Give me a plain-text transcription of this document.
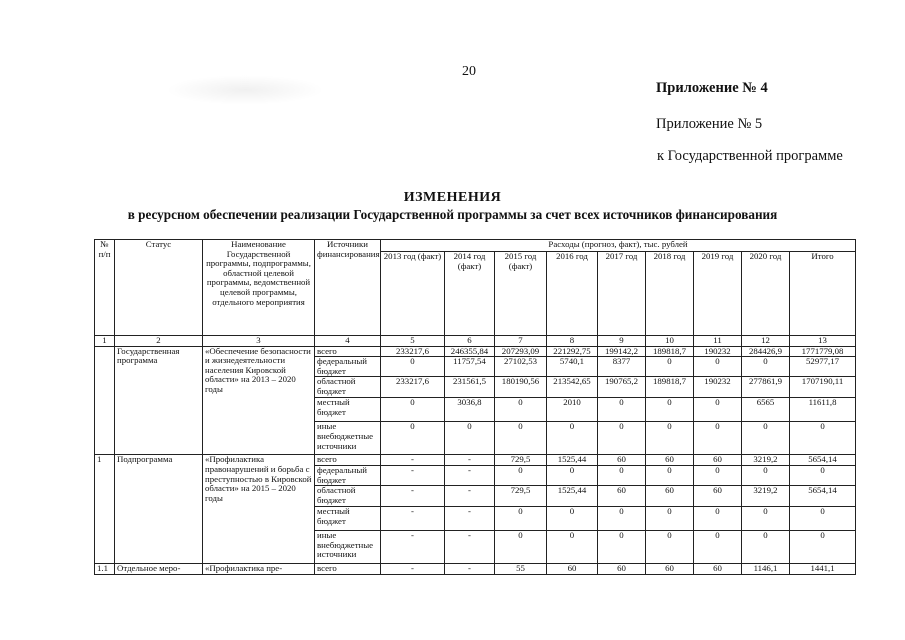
20
Приложение № 4
Приложение № 5
к Государственной программе
ИЗМЕНЕНИЯ
в ресурсном обеспечении реализации Государственной программы за счет всех источников финансирования
№ п/п	Статус	Наименование Государственной программы, подпрограммы, областной целевой программы, ведомственной целевой программы, отдельного мероприятия	Источники финансирования	Расходы (прогноз, факт), тыс. рублей								
				2013 год (факт)	2014 год (факт)	2015 год (факт)	2016 год	2017 год	2018 год	2019 год	2020 год	Итого
1	2	3	4	5	6	7	8	9	10	11	12	13
	Государственная программа	«Обеспечение безопасности и жизнедеятельности населения Кировской области» на 2013 – 2020 годы	всего	233217,6	246355,84	207293,09	221292,75	199142,2	189818,7	190232	284426,9	1771779,08
			федеральный бюджет	0	11757,54	27102,53	5740,1	8377	0	0	0	52977,17
			областной бюджет	233217,6	231561,5	180190,56	213542,65	190765,2	189818,7	190232	277861,9	1707190,11
			местный бюджет	0	3036,8	0	2010	0	0	0	6565	11611,8
			иные внебюджетные источники	0	0	0	0	0	0	0	0	0
1	Подпрограмма	«Профилактика правонарушений и борьба с преступностью в Кировской области» на 2015 – 2020 годы	всего	-	-	729,5	1525,44	60	60	60	3219,2	5654,14
			федеральный бюджет	-	-	0	0	0	0	0	0	0
			областной бюджет	-	-	729,5	1525,44	60	60	60	3219,2	5654,14
			местный бюджет	-	-	0	0	0	0	0	0	0
			иные внебюджетные источники	-	-	0	0	0	0	0	0	0
1.1	Отдельное меро-	«Профилактика пре-	всего	-	-	55	60	60	60	60	1146,1	1441,1
